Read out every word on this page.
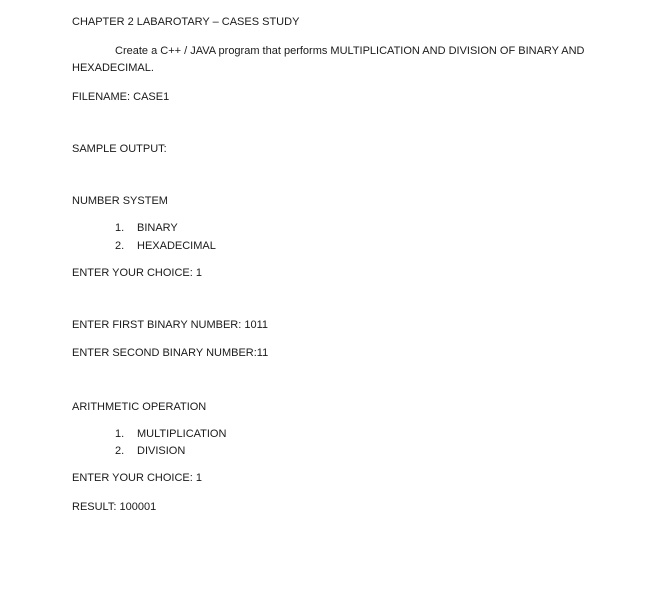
CHAPTER 2 LABAROTARY – CASES STUDY
Create a C++ / JAVA program that performs MULTIPLICATION AND DIVISION OF BINARY AND
HEXADECIMAL.
FILENAME: CASE1
SAMPLE OUTPUT:
NUMBER SYSTEM
1. BINARY
2. HEXADECIMAL
ENTER YOUR CHOICE: 1
ENTER FIRST BINARY NUMBER: 1011
ENTER SECOND BINARY NUMBER:11
ARITHMETIC OPERATION
1. MULTIPLICATION
2. DIVISION
ENTER YOUR CHOICE: 1
RESULT: 100001
